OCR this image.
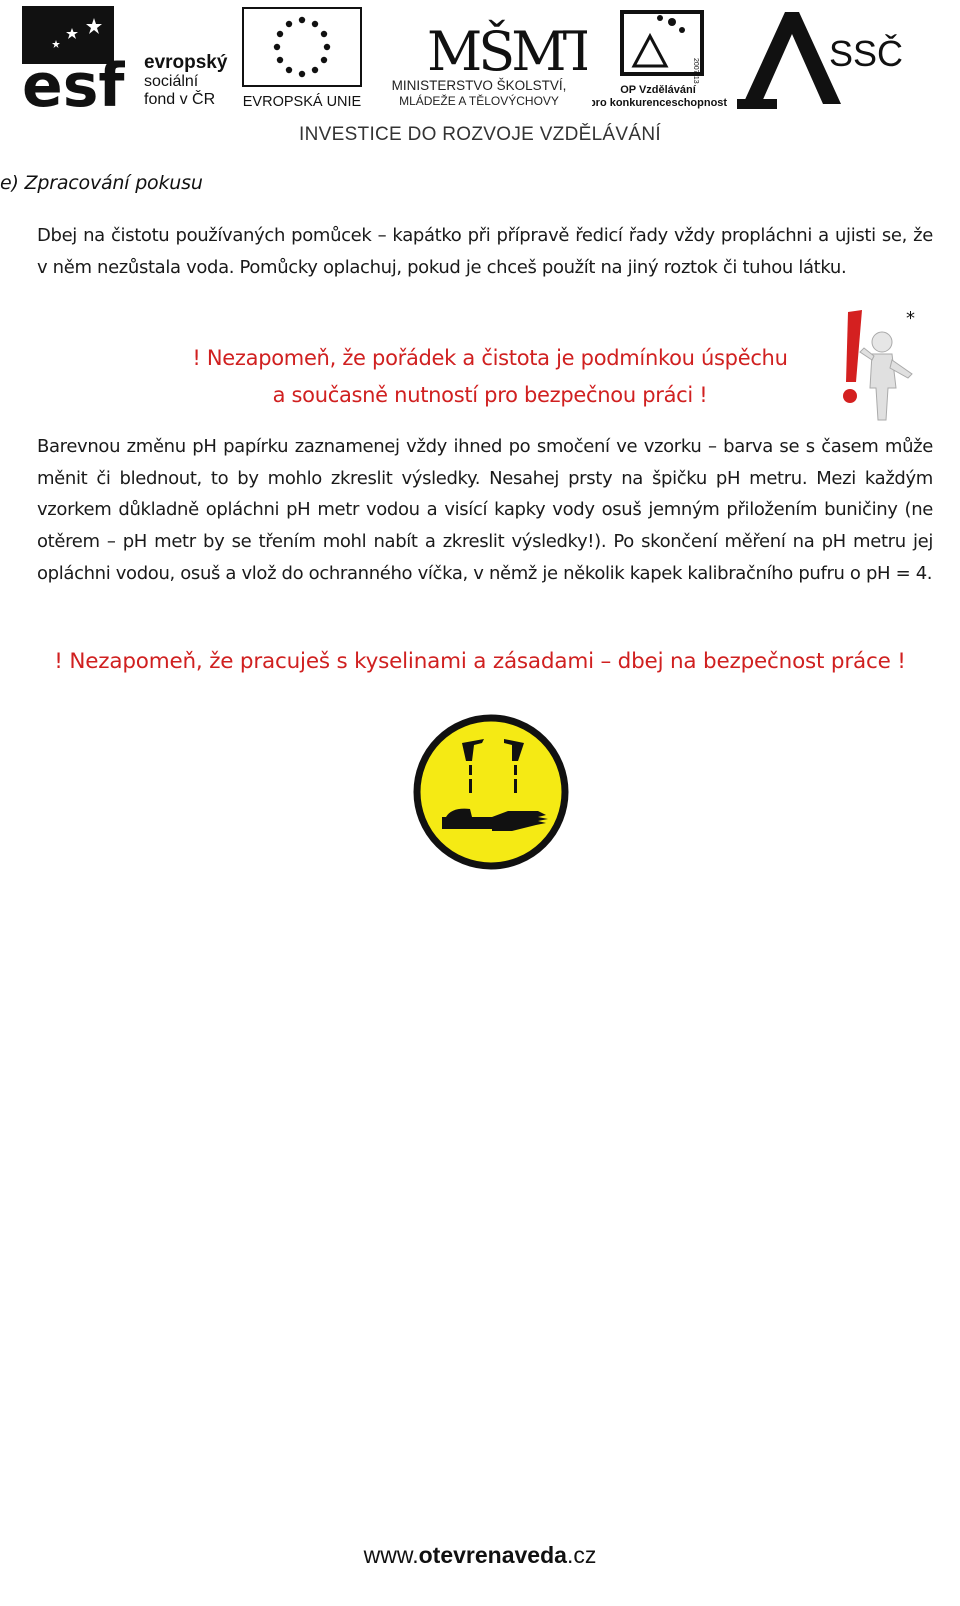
esf evropský
sociální
fond v ČR EVROPSKÁ UNIE
MŠMT
MINISTERSTVO ŠKOLSTVÍ,
MLÁDEŽE A TĚLOVÝCHOVY
2007-13
OP Vzdělávání
pro konkurenceschopnost
SSČ
INVESTICE DO ROZVOJE VZDĚLÁVÁNÍ
e) Zpracování pokusu
Dbej na čistotu používaných pomůcek – kapátko při přípravě ředicí řady vždy propláchni a ujisti se, že v něm nezůstala voda. Pomůcky oplachuj, pokud je chceš použít na jiný roztok či tuhou látku.
! Nezapomeň, že pořádek a čistota je podmínkou úspěchu
a současně nutností pro bezpečnou práci !
*
Barevnou změnu pH papírku zaznamenej vždy ihned po smočení ve vzorku – barva se s časem může měnit či blednout, to by mohlo zkreslit výsledky. Nesahej prsty na špičku pH metru. Mezi každým vzorkem důkladně opláchni pH metr vodou a visící kapky vody osuš jemným přiložením buničiny (ne otěrem – pH metr by se třením mohl nabít a zkreslit výsledky!). Po skončení měření na pH metru jej opláchni vodou, osuš a vlož do ochranného víčka, v němž je několik kapek kalibračního pufru o pH = 4.
! Nezapomeň, že pracuješ s kyselinami a zásadami – dbej na bezpečnost práce !
www.otevrenaveda.cz
